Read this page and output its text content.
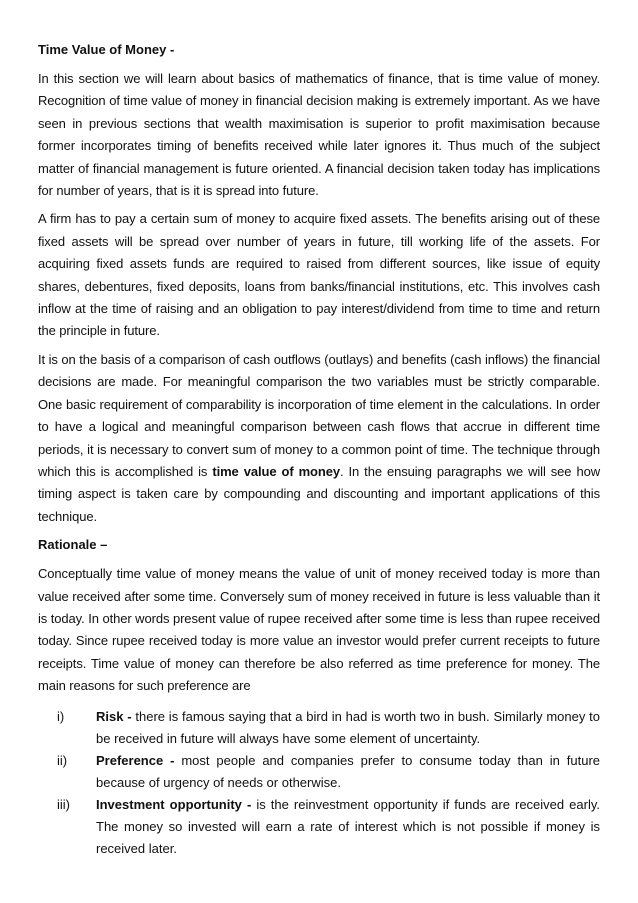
Time Value of Money -

In this section we will learn about basics of mathematics of finance, that is time value of money. Recognition of time value of money in financial decision making is extremely important. As we have seen in previous sections that wealth maximisation is superior to profit maximisation because former incorporates timing of benefits received while later ignores it. Thus much of the subject matter of financial management is future oriented. A financial decision taken today has implications for number of years, that is it is spread into future.

A firm has to pay a certain sum of money to acquire fixed assets. The benefits arising out of these fixed assets will be spread over number of years in future, till working life of the assets. For acquiring fixed assets funds are required to raised from different sources, like issue of equity shares, debentures, fixed deposits, loans from banks/financial institutions, etc. This involves cash inflow at the time of raising and an obligation to pay interest/dividend from time to time and return the principle in future.

It is on the basis of a comparison of cash outflows (outlays) and benefits (cash inflows) the financial decisions are made. For meaningful comparison the two variables must be strictly comparable. One basic requirement of comparability is incorporation of time element in the calculations. In order to have a logical and meaningful comparison between cash flows that accrue in different time periods, it is necessary to convert sum of money to a common point of time. The technique through which this is accomplished is time value of money. In the ensuing paragraphs we will see how timing aspect is taken care by compounding and discounting and important applications of this technique.

Rationale –

Conceptually time value of money means the value of unit of money received today is more than value received after some time. Conversely sum of money received in future is less valuable than it is today. In other words present value of rupee received after some time is less than rupee received today. Since rupee received today is more value an investor would prefer current receipts to future receipts. Time value of money can therefore be also referred as time preference for money. The main reasons for such preference are

i)	Risk - there is famous saying that a bird in had is worth two in bush. Similarly money to be received in future will always have some element of uncertainty.
ii)	Preference - most people and companies prefer to consume today than in future because of urgency of needs or otherwise.
iii)	Investment opportunity - is the reinvestment opportunity if funds are received early. The money so invested will earn a rate of interest which is not possible if money is received later.
